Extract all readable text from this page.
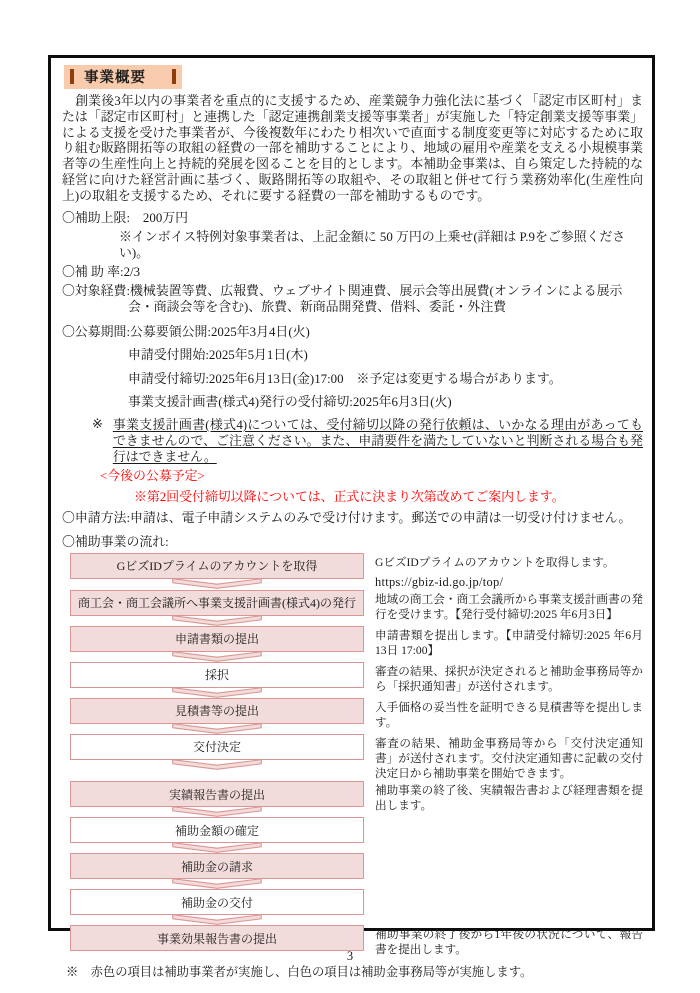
事業概要

　創業後3年以内の事業者を重点的に支援するため、産業競争力強化法に基づく「認定市区町村」または「認定市区町村」と連携した「認定連携創業支援等事業者」が実施した「特定創業支援等事業」による支援を受けた事業者が、今後複数年にわたり相次いで直面する制度変更等に対応するために取り組む販路開拓等の取組の経費の一部を補助することにより、地域の雇用や産業を支える小規模事業者等の生産性向上と持続的発展を図ることを目的とします。本補助金事業は、自ら策定した持続的な経営に向けた経営計画に基づく、販路開拓等の取組や、その取組と併せて行う業務効率化(生産性向上)の取組を支援するため、それに要する経費の一部を補助するものです。

〇補助上限:　200万円
※インボイス特例対象事業者は、上記金額に 50 万円の上乗せ(詳細は P.9をご参照ください)。
〇補 助 率:2/3
〇対象経費:機械装置等費、広報費、ウェブサイト関連費、展示会等出展費(オンラインによる展示会・商談会等を含む)、旅費、新商品開発費、借料、委託・外注費
〇公募期間:公募要領公開:2025年3月4日(火)
申請受付開始:2025年5月1日(木)
申請受付締切:2025年6月13日(金)17:00　※予定は変更する場合があります。
事業支援計画書(様式4)発行の受付締切:2025年6月3日(火)
※ 事業支援計画書(様式4)については、受付締切以降の発行依頼は、いかなる理由があってもできませんので、ご注意ください。また、申請要件を満たしていないと判断される場合も発行はできません。
<今後の公募予定>
※第2回受付締切以降については、正式に決まり次第改めてご案内します。
〇申請方法:申請は、電子申請システムのみで受け付けます。郵送での申請は一切受け付けません。
〇補助事業の流れ:
GビズIDプライムのアカウントを取得	GビズIDプライムのアカウントを取得します。
https://gbiz-id.go.jp/top/
商工会・商工会議所へ事業支援計画書(様式4)の発行 地域の商工会・商工会議所から事業支援計画書の発行を受けます。【発行受付締切:2025 年6月3日】
申請書類の提出	申請書類を提出します。【申請受付締切:2025 年6月13日 17:00】
採択	審査の結果、採択が決定されると補助金事務局等から「採択通知書」が送付されます。
見積書等の提出	入手価格の妥当性を証明できる見積書等を提出します。
交付決定	審査の結果、補助金事務局等から「交付決定通知書」が送付されます。交付決定通知書に記載の交付決定日から補助事業を開始できます。
実績報告書の提出	補助事業の終了後、実績報告書および経理書類を提出します。
補助金額の確定
補助金の請求
補助金の交付
事業効果報告書の提出	補助事業の終了後から1年後の状況について、報告書を提出します。
※　赤色の項目は補助事業者が実施し、白色の項目は補助金事務局等が実施します。
3
